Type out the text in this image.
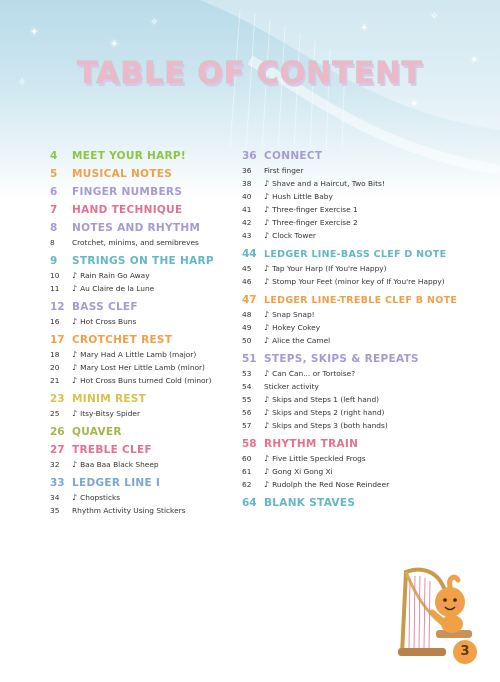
✦
✦
✧
✦
✧
✦
✧
✦
TABLE OF CONTENT
4	MEET YOUR HARP!
5	MUSICAL NOTES
6	FINGER NUMBERS
7	HAND TECHNIQUE
8	NOTES AND RHYTHM
8	Crotchet, minims, and semibreves
9	STRINGS ON THE HARP
10	♪ Rain Rain Go Away
11	♪ Au Claire de la Lune
12 BASS CLEF
16	♪ Hot Cross Buns
17 CROTCHET REST
18	♪ Mary Had A Little Lamb (major)
20	♪ Mary Lost Her Little Lamb (minor)
21	♪ Hot Cross Buns turned Cold (minor)
23 MINIM REST
25	♪ Itsy-Bitsy Spider
26 QUAVER
27 TREBLE CLEF
32	♪ Baa Baa Black Sheep
33 LEDGER LINE I
34	♪ Chopsticks
35	Rhythm Activity Using Stickers
36 CONNECT
36	First finger
38	♪ Shave and a Haircut, Two Bits!
40	♪ Hush Little Baby
41	♪ Three-finger Exercise 1
42	♪ Three-finger Exercise 2
43	♪ Clock Tower
44 LEDGER LINE-BASS CLEF D NOTE
45	♪ Tap Your Harp (If You're Happy)
46	♪ Stomp Your Feet (minor key of If You're Happy)
47 LEDGER LINE-TREBLE CLEF B NOTE
48	♪ Snap Snap!
49	♪ Hokey Cokey
50	♪ Alice the Camel
51 STEPS, SKIPS & REPEATS
53	♪ Can Can... or Tortoise?
54	Sticker activity
55	♪ Skips and Steps 1 (left hand)
56	♪ Skips and Steps 2 (right hand)
57	♪ Skips and Steps 3 (both hands)
58 RHYTHM TRAIN
60	♪ Five Little Speckled Frogs
61	♪ Gong Xi Gong Xi
62	♪ Rudolph the Red Nose Reindeer
64 BLANK STAVES
3
